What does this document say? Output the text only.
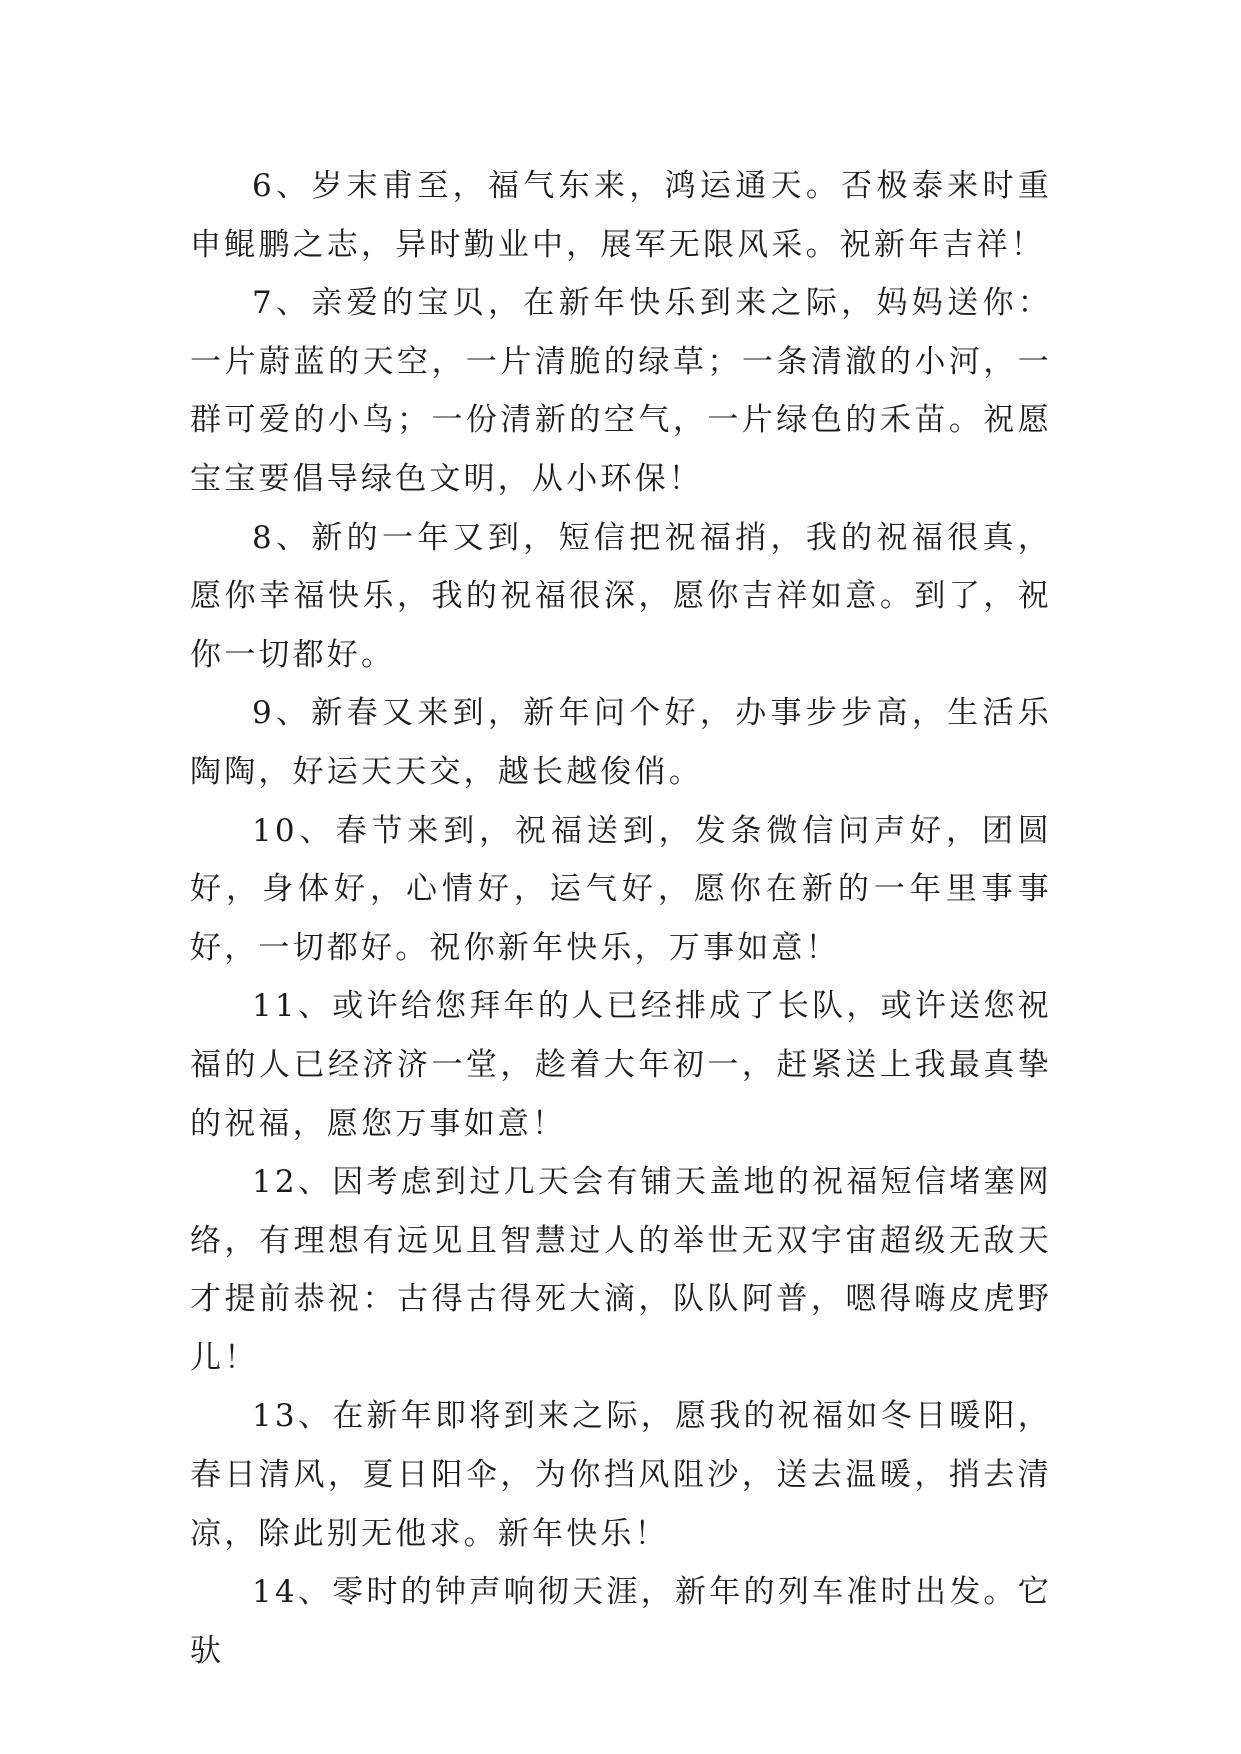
6、岁末甫至，福气东来，鸿运通天。否极泰来时重申鲲鹏之志，异时勤业中，展军无限风采。祝新年吉祥！

7、亲爱的宝贝，在新年快乐到来之际，妈妈送你：一片蔚蓝的天空，一片清脆的绿草；一条清澈的小河，一群可爱的小鸟；一份清新的空气，一片绿色的禾苗。祝愿宝宝要倡导绿色文明，从小环保！

8、新的一年又到，短信把祝福捎，我的祝福很真，愿你幸福快乐，我的祝福很深，愿你吉祥如意。到了，祝你一切都好。

9、新春又来到，新年问个好，办事步步高，生活乐陶陶，好运天天交，越长越俊俏。

10、春节来到，祝福送到，发条微信问声好，团圆好，身体好，心情好，运气好，愿你在新的一年里事事好，一切都好。祝你新年快乐，万事如意！

11、或许给您拜年的人已经排成了长队，或许送您祝福的人已经济济一堂，趁着大年初一，赶紧送上我最真挚的祝福，愿您万事如意！

12、因考虑到过几天会有铺天盖地的祝福短信堵塞网络，有理想有远见且智慧过人的举世无双宇宙超级无敌天才提前恭祝：古得古得死大滴，队队阿普，嗯得嗨皮虎野儿！

13、在新年即将到来之际，愿我的祝福如冬日暖阳，春日清风，夏日阳伞，为你挡风阻沙，送去温暖，捎去清凉，除此别无他求。新年快乐！

14、零时的钟声响彻天涯，新年的列车准时出发。它驮
